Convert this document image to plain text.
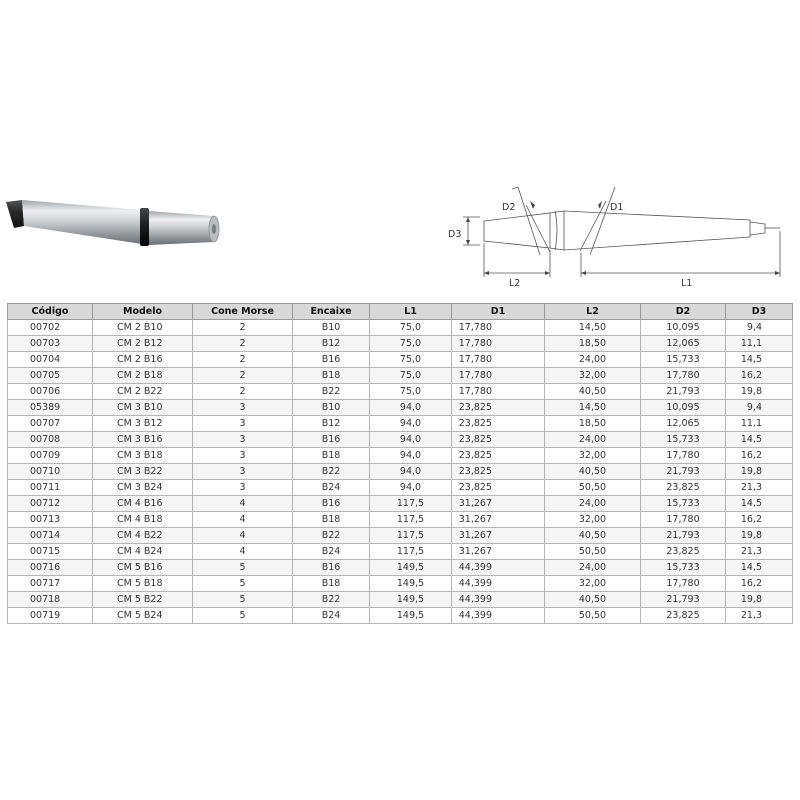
D2	D1
D3
L2	L1
Código	Modelo	Cone Morse	Encaixe	L1	D1	L2	D2	D3
00702	CM 2 B10	2	B10	75,0	17,780	14,50	10,095	9,4
00703	CM 2 B12	2	B12	75,0	17,780	18,50	12,065	11,1
00704	CM 2 B16	2	B16	75,0	17,780	24,00	15,733	14,5
00705	CM 2 B18	2	B18	75,0	17,780	32,00	17,780	16,2
00706	CM 2 B22	2	B22	75,0	17,780	40,50	21,793	19,8
05389	CM 3 B10	3	B10	94,0	23,825	14,50	10,095	9,4
00707	CM 3 B12	3	B12	94,0	23,825	18,50	12,065	11,1
00708	CM 3 B16	3	B16	94,0	23,825	24,00	15,733	14,5
00709	CM 3 B18	3	B18	94,0	23,825	32,00	17,780	16,2
00710	CM 3 B22	3	B22	94,0	23,825	40,50	21,793	19,8
00711	CM 3 B24	3	B24	94,0	23,825	50,50	23,825	21,3
00712	CM 4 B16	4	B16	117,5	31,267	24,00	15,733	14,5
00713	CM 4 B18	4	B18	117,5	31,267	32,00	17,780	16,2
00714	CM 4 B22	4	B22	117,5	31,267	40,50	21,793	19,8
00715	CM 4 B24	4	B24	117,5	31,267	50,50	23,825	21,3
00716	CM 5 B16	5	B16	149,5	44,399	24,00	15,733	14,5
00717	CM 5 B18	5	B18	149,5	44,399	32,00	17,780	16,2
00718	CM 5 B22	5	B22	149,5	44,399	40,50	21,793	19,8
00719	CM 5 B24	5	B24	149,5	44,399	50,50	23,825	21,3
